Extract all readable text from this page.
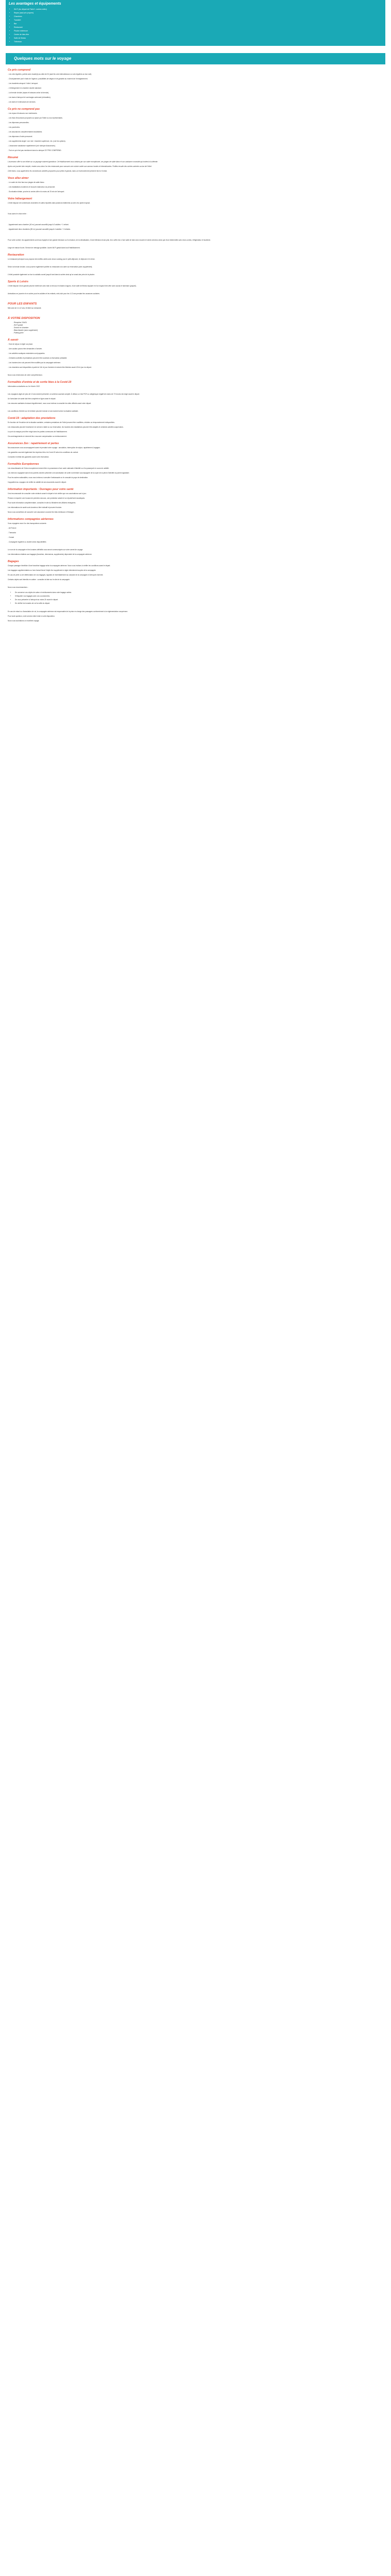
Les avantages et équipements
• Wi-Fi (Au départ de Paris+/- suivies vidéo)
• Repas (sauf prix propres)
• Chambres
• Transfert
• Bar
• Restaurant
• Piscine extérieure
• Centre de bien-être
• Salle de fitness
• Télévision
Quelques mots sur le voyage
Ce prix comprend

- Les vols réguliers, parfois avec escale(s) au-delà de 2h (sauf les vols internationaux ou vols réguliers au tour soit).

- Choix/paiement par le biais de l'agence, possibilités de sièges et de garantie au moment de l'enregistrement.

- Les transferts aéroport / hôtel / aéroport.

- L'hébergement en chambre double standard.

- La formule choisie (repas et boissons selon la formule).

- Les taxes d'aéroport et surcharges carburant (révisables).

- Les taxes et redevances de services.

Ce prix ne comprend pas

- Les repas et boissons non mentionnés.

- Les frais d'excursions proposés sur place par l'hôtel ou nos représentants.

- Les dépenses personnelles.

- Les pourboires.

- Les assurances complémentaires facultatives.

- Les dépenses d'ordre personnel.

- Les suppléments single / vue mer / chambre supérieure, etc. (voir les options).

- L'assurance assistance rapatriement (voir rubrique Assurances).

- Tout ce qui n'est pas mentionné dans la rubrique CE PRIX COMPREND.

Résumé

L'ascenseur offre la vue infinie sur un paysage vraiment grandiose. Cet établissement vous séduira par son cadre exceptionnel, ses plages de sable blanc et son ambiance conviviale qui invitent à la détente.

Après une journée bien remplie, rendez-vous dans l'un des restaurants pour savourer une cuisine variée aux saveurs locales et internationales. Profitez ensuite des soirées animées au bar de l'hôtel.

Côté loisirs, vous apprécierez les nombreuses activités proposées pour petits et grands, dans un environnement préservé face à l'océan.

Vous allez aimer

- Le cadre de rêve face aux plages de sable blanc.

- Les installations modernes et l'accueil chaleureux du personnel.

- Sa situation idéale, proche du centre-ville et à moins de 20 min de l'aéroport.

Votre hébergement

L'hôtel dispose de nombreuses chambres et suites réparties dans plusieurs bâtiments au sein d'un jardin tropical.

Vous aurez le choix entre :

- Appartement avec chambre (40 m²) pouvant accueillir jusqu'à 3 adultes + 1 enfant.

- Appartement deux chambres (55 m²) pouvant accueillir jusqu'à 4 adultes + 2 enfants.

Pour votre confort, les appartements sont tous équipés d'une grande terrasse ou d'un balcon, de la climatisation, d'une télévision écran plat, d'un coffre-fort, d'une salle de bain avec douche et sèche-cheveux ainsi que d'une kitchenette avec micro-ondes, réfrigérateur et bouilloire.

Linge de maison fourni. Service de ménage quotidien. Accès Wi-Fi gratuit dans tout l'établissement.

Restauration

Le restaurant principal vous propose des buffets variés avec show cooking pour le petit-déjeuner, le déjeuner et le dîner.

Selon la formule choisie, vous pourrez également profiter du restaurant à la carte sur réservation (avec supplément).

L'hôtel possède également un bar à cocktails ouvert jusqu'à tard dans la soirée ainsi qu'un snack-bar près de la piscine.

Sports & Loisirs

L'hôtel dispose d'une grande piscine extérieure avec bain à remous et chaises longues, d'une salle de fitness équipée et d'un espace bien-être avec sauna et hammam (payant).

Animations en journée et en soirée pour les adultes et les enfants, mini-club pour les 4-12 ans pendant les vacances scolaires.

POUR LES ENFANTS

Mini-club de 4 à 12 ans, lit bébé sur demande.

À VOTRE DISPOSITION
- Réception 24h/24
- Wi-Fi gratuit
- Service en chambre
- Blanchisserie (avec supplément)
- Parking privé
À savoir

- Taxe de séjour à régler sur place.

- Une caution pourra être demandée à l'arrivée.

- Les activités nautiques motorisées sont payantes.

- Certaines activités et prestations peuvent être soumises à réservation préalable.

- Les horaires des vols peuvent être modifiés par la compagnie aérienne.

- Les chambres sont disponibles à partir de 14h le jour d'arrivée et doivent être libérées avant 12h le jour du départ.

Nous vous remercions de votre compréhension.

Formalités d'entrée et de sortie liées à la Covid-19

Informations actualisées au 1er février 2022.

Les voyageurs âgés de plus de 12 ans doivent présenter un schéma vaccinal complet. À défaut, un test PCR ou antigénique négatif de moins de 72 heures est exigé avant le départ.

Un formulaire de santé doit être complété en ligne avant le départ.

Les mesures sanitaires évoluant régulièrement, nous vous invitons à consulter les sites officiels avant votre départ.

Les conditions d'entrée sur le territoire peuvent évoluer à tout moment selon la situation sanitaire.

Covid-19 : adaptation des prestations

En fonction de l'évolution de la situation sanitaire, certaines prestations de l'hôtel peuvent être modifiées, réduites ou temporairement indisponibles.

Les restaurants peuvent fonctionner en service à table ou sur réservation, les horaires des installations peuvent être adaptés et certaines activités suspendues.

Le port du masque peut être exigé dans les parties communes de l'établissement.

Ces aménagements ne donnent lieu à aucune compensation ou remboursement.

Assurances Zen : rapatriement et pertes

Nos assurances vous accompagnent avant et pendant votre voyage : annulation, interruption de séjour, rapatriement, bagages.

Les garanties couvrent également les imprévus liés à la Covid-19 selon les conditions du contrat.

Consultez le détail des garanties avant votre réservation.

Formalités Européennes

Les ressortissants de l'Union européenne doivent être en possession d'une carte nationale d'identité ou d'un passeport en cours de validité.

Les mineurs voyageant sans leurs parents doivent présenter une autorisation de sortie du territoire accompagnée de la copie de la pièce d'identité du parent signataire.

Pour les autres nationalités, nous vous invitons à consulter l'ambassade ou le consulat du pays de destination.

Il appartient au voyageur de vérifier la validité de ses documents avant le départ.

Information importante : Ouvrages pour votre santé

Il est recommandé de consulter votre médecin avant le départ et de vérifier que vos vaccinations sont à jour.

Pensez à emporter une trousse de premiers secours, une protection solaire et un répulsif anti-moustiques.

Pour toute information complémentaire, consultez le site du Ministère des Affaires étrangères.

Les informations de santé sont données à titre indicatif et peuvent évoluer.

Nous vous conseillons de souscrire une assurance couvrant les frais médicaux à l'étranger.

Informations compagnies aériennes

Vous voyagerez avec l'un des transporteurs suivants :

- Air France

- Transavia

- Corsair

- Compagnie régulière ou charter selon disponibilités

Le nom de la compagnie et les horaires définitifs vous seront communiqués sur votre carnet de voyage.

Les informations relatives aux bagages (franchise, dimensions, suppléments) dépendent de la compagnie aérienne.

Bagages

Chaque passager bénéficie d'une franchise bagage selon la compagnie aérienne. Nous vous invitons à vérifier les conditions avant le départ.

Les bagages supplémentaires ou hors format feront l'objet d'un supplément à régler directement auprès de la compagnie.

En cas de perte ou de détérioration de vos bagages, signalez-le immédiatement au comptoir de la compagnie à l'aéroport d'arrivée.

Certains objets sont interdits en cabine : consultez la liste sur le site de la compagnie.

Nous vous recommandons :

• De conserver vos objets de valeur et médicaments dans votre bagage cabine.
• D'étiqueter vos bagages avec vos coordonnées.
• De vous présenter à l'aéroport au moins 2h avant le départ.
• De vérifier les horaires de vol la veille du départ.

En cas de retard ou d'annulation de vol, la compagnie aérienne est responsable de la prise en charge des passagers conformément à la réglementation européenne.

Pour toute question, notre service client reste à votre disposition.

Nous vous souhaitons un excellent voyage.
